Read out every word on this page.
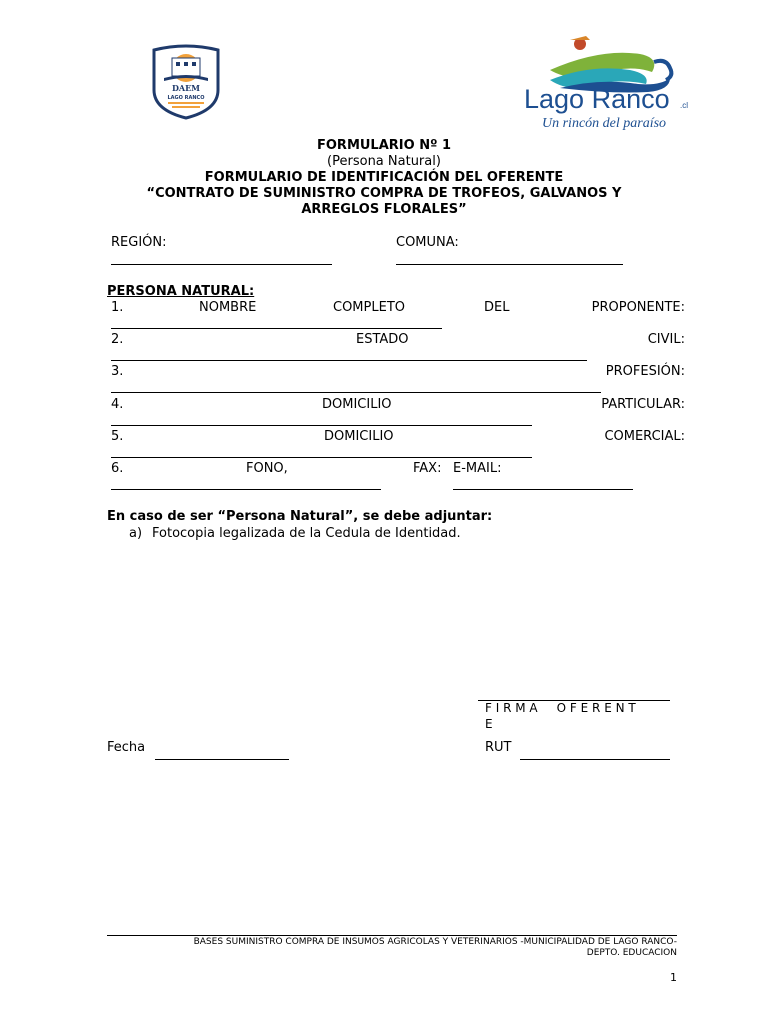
DAEM
LAGO RANCO	Lago Ranco .cl
Un rincón del paraíso
FORMULARIO Nº 1
(Persona Natural)
FORMULARIO DE IDENTIFICACIÓN DEL OFERENTE
“CONTRATO DE SUMINISTRO COMPRA DE TROFEOS, GALVANOS Y
ARREGLOS FLORALES”
REGIÓN:	COMUNA:
PERSONA NATURAL:
1.	NOMBRE	COMPLETO	DEL	PROPONENTE:
2.	ESTADO	CIVIL:
3.	PROFESIÓN:
4.	DOMICILIO	PARTICULAR:
5.	DOMICILIO	COMERCIAL:
6.	FONO,	FAX: E-MAIL:
En caso de ser “Persona Natural”, se debe adjuntar:
a) Fotocopia legalizada de la Cedula de Identidad.
F I R M A     O F E R E N T
E
Fecha	RUT
BASES SUMINISTRO COMPRA DE INSUMOS AGRICOLAS Y VETERINARIOS -MUNICIPALIDAD DE LAGO RANCO-
DEPTO. EDUCACION
1
